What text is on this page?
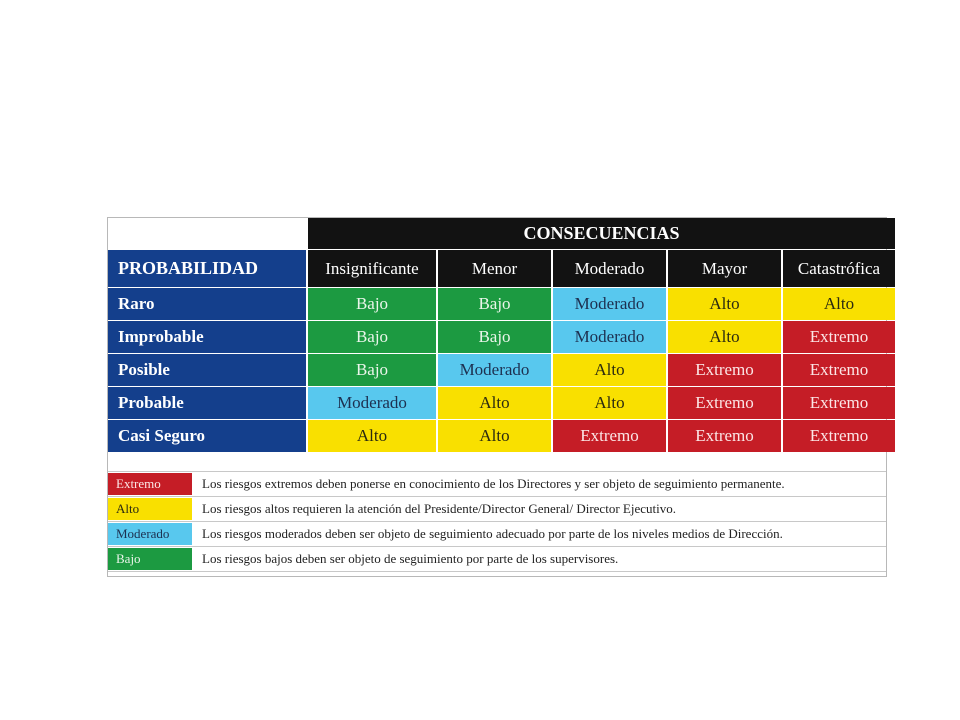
CONSECUENCIAS
PROBABILIDAD	Insignificante	Menor	Moderado	Mayor	Catastrófica
Raro	Bajo	Bajo	Moderado	Alto	Alto
Improbable	Bajo	Bajo	Moderado	Alto	Extremo
Posible	Bajo	Moderado	Alto	Extremo	Extremo
Probable	Moderado	Alto	Alto	Extremo	Extremo
Casi Seguro	Alto	Alto	Extremo	Extremo	Extremo
Extremo	Los riesgos extremos deben ponerse en conocimiento de los Directores y ser objeto de seguimiento permanente.
Alto	Los riesgos altos requieren la atención del Presidente/Director General/ Director Ejecutivo.
Moderado	Los riesgos moderados deben ser objeto de seguimiento adecuado por parte de los niveles medios de Dirección.
Bajo	Los riesgos bajos deben ser objeto de seguimiento por parte de los supervisores.
